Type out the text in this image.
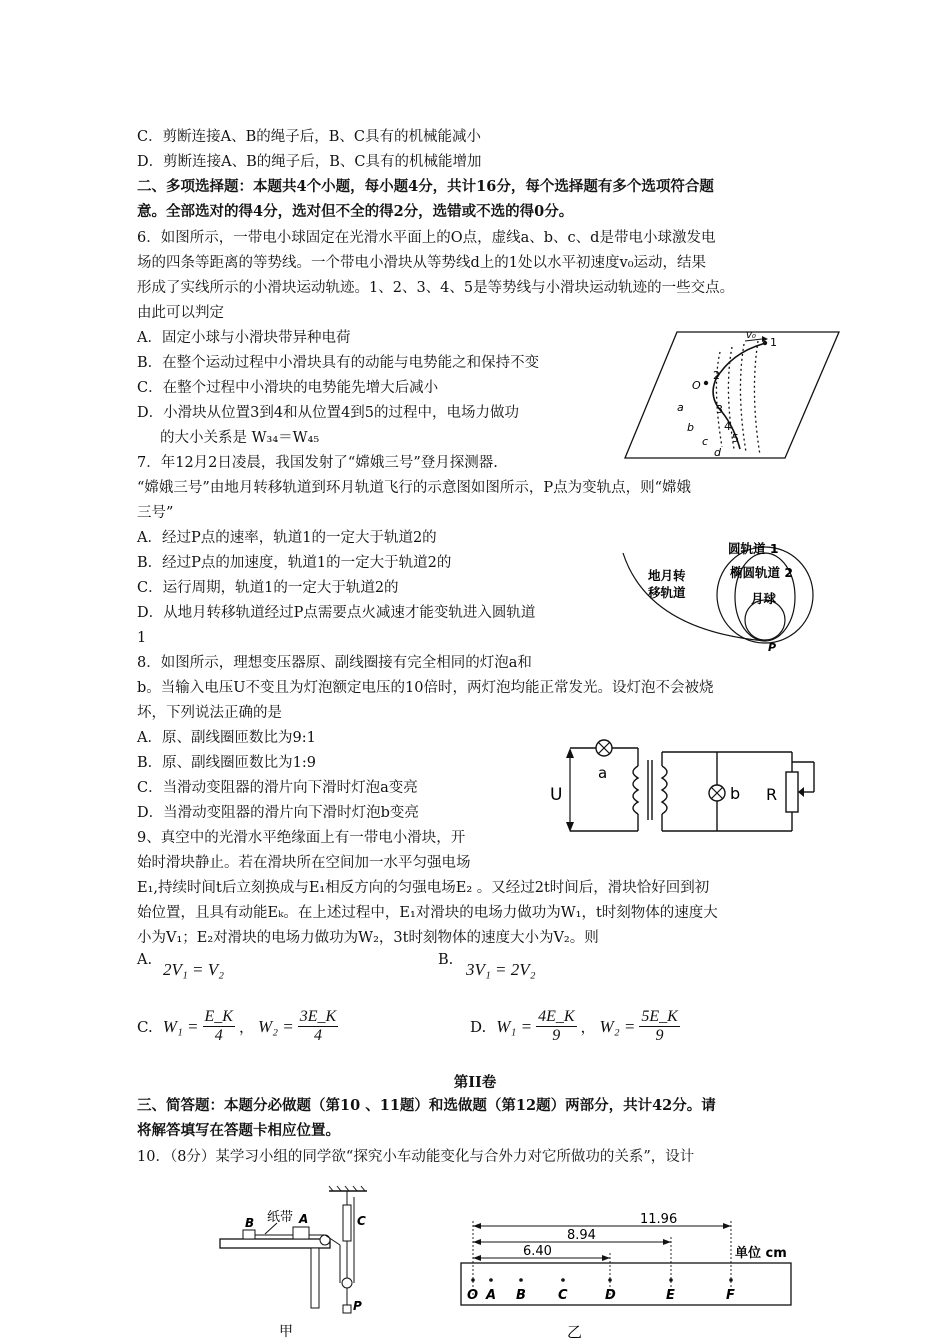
C．剪断连接A、B的绳子后，B、C具有的机械能减小
D．剪断连接A、B的绳子后，B、C具有的机械能增加
二、多项选择题：本题共4个小题，每小题4分，共计16分，每个选择题有多个选项符合题
意。全部选对的得4分，选对但不全的得2分，选错或不选的得0分。
6．如图所示，一带电小球固定在光滑水平面上的O点，虚线a、b、c、d是带电小球激发电
场的四条等距离的等势线。一个带电小滑块从等势线d上的1处以水平初速度v₀运动，结果
形成了实线所示的小滑块运动轨迹。1、2、3、4、5是等势线与小滑块运动轨迹的一些交点。
由此可以判定
A．固定小球与小滑块带异种电荷
B．在整个运动过程中小滑块具有的动能与电势能之和保持不变
C．在整个过程中小滑块的电势能先增大后减小
D．小滑块从位置3到4和从位置4到5的过程中，电场力做功
的大小关系是 W₃₄＝W₄₅
7．年12月2日凌晨，我国发射了“嫦娥三号”登月探测器.
“嫦娥三号”由地月转移轨道到环月轨道飞行的示意图如图所示，P点为变轨点，则“嫦娥
三号”
A．经过P点的速率，轨道1的一定大于轨道2的
B．经过P点的加速度，轨道1的一定大于轨道2的
C．运行周期，轨道1的一定大于轨道2的
D．从地月转移轨道经过P点需要点火减速才能变轨进入圆轨道
1
8．如图所示，理想变压器原、副线圈接有完全相同的灯泡a和
b。当输入电压U不变且为灯泡额定电压的10倍时，两灯泡均能正常发光。设灯泡不会被烧
坏，下列说法正确的是
A．原、副线圈匝数比为9:1
B．原、副线圈匝数比为1:9
C．当滑动变阻器的滑片向下滑时灯泡a变亮
D．当滑动变阻器的滑片向下滑时灯泡b变亮
9、真空中的光滑水平绝缘面上有一带电小滑块，开
始时滑块静止。若在滑块所在空间加一水平匀强电场
E₁,持续时间t后立刻换成与E₁相反方向的匀强电场E₂ 。又经过2t时间后，滑块恰好回到初
始位置，且具有动能Eₖ。在上述过程中，E₁对滑块的电场力做功为W₁，t时刻物体的速度大
小为V₁；E₂对滑块的电场力做功为W₂，3t时刻物体的速度大小为V₂。则
A. 2V₁ = V₂	B. 3V₁ = 2V₂
C. $W_1 = \frac{E\_K}{4}$ ， $W_2 = \frac{3E\_K}{4}$	D. $W_1 = \frac{4E\_K}{9}$ ， $W_2 = \frac{5E\_K}{9}$
第II卷
三、简答题：本题分必做题（第10 、11题）和选做题（第12题）两部分，共计42分。请
将解答填写在答题卡相应位置。
10．（8分）某学习小组的同学欲“探究小车动能变化与合外力对它所做功的关系”，设计
v₀
1
O
2
3
4
5
a
b
c
d
圆轨道 1
椭圆轨道 2
地月转
移轨道	月球
P
U
a
b R
纸带
B	A	C
P
甲
11.96
8.94
6.40	单位 cm
O A B C	D	E	F
乙
